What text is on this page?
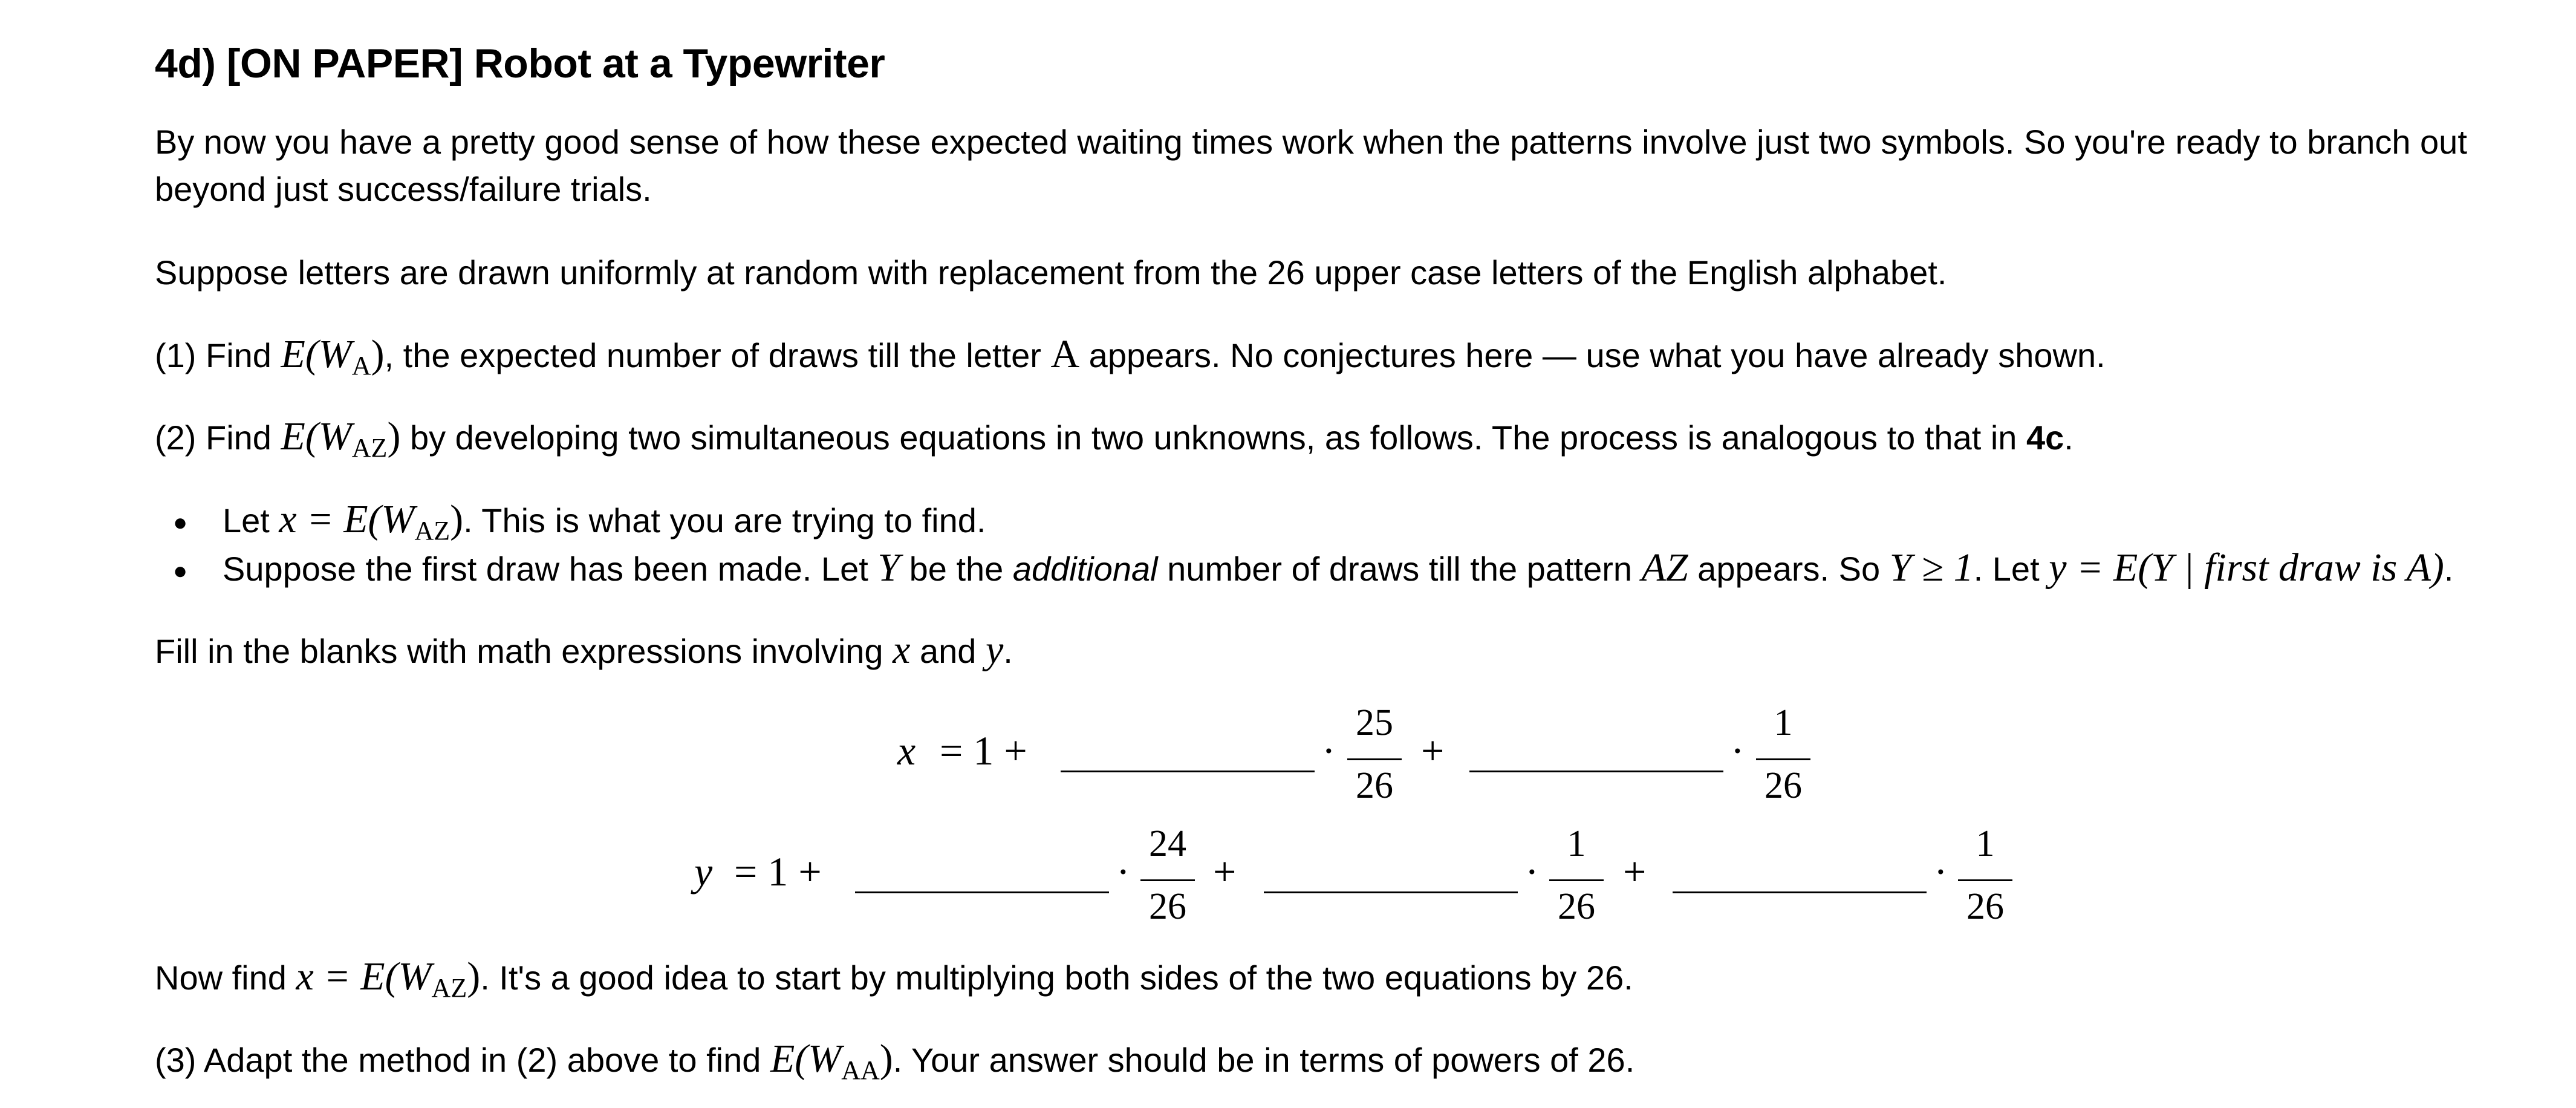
4d) [ON PAPER] Robot at a Typewriter

By now you have a pretty good sense of how these expected waiting times work when the patterns involve just two symbols. So you're ready to branch out

beyond just success/failure trials.

Suppose letters are drawn uniformly at random with replacement from the 26 upper case letters of the English alphabet.

(1) Find $E(W_A)$, the expected number of draws till the letter A appears. No conjectures here — use what you have already shown.

(2) Find $E(W_{AZ})$ by developing two simultaneous equations in two unknowns, as follows. The process is analogous to that in 4c.

● Let $x = E(W_{AZ})$. This is what you are trying to find.

● Suppose the first draw has been made. Let Y be the additional number of draws till the pattern AZ appears. So Y ≥ 1. Let y = E(Y | first draw is A).

Fill in the blanks with math expressions involving x and y.

x = 1 +	·
25
26
+	·
1
26
y = 1 +	·
24
26
+	·
1
26
+	·
1
26

Now find $x = E(W_{AZ})$. It's a good idea to start by multiplying both sides of the two equations by 26.

(3) Adapt the method in (2) above to find $E(W_{AA})$. Your answer should be in terms of powers of 26.
